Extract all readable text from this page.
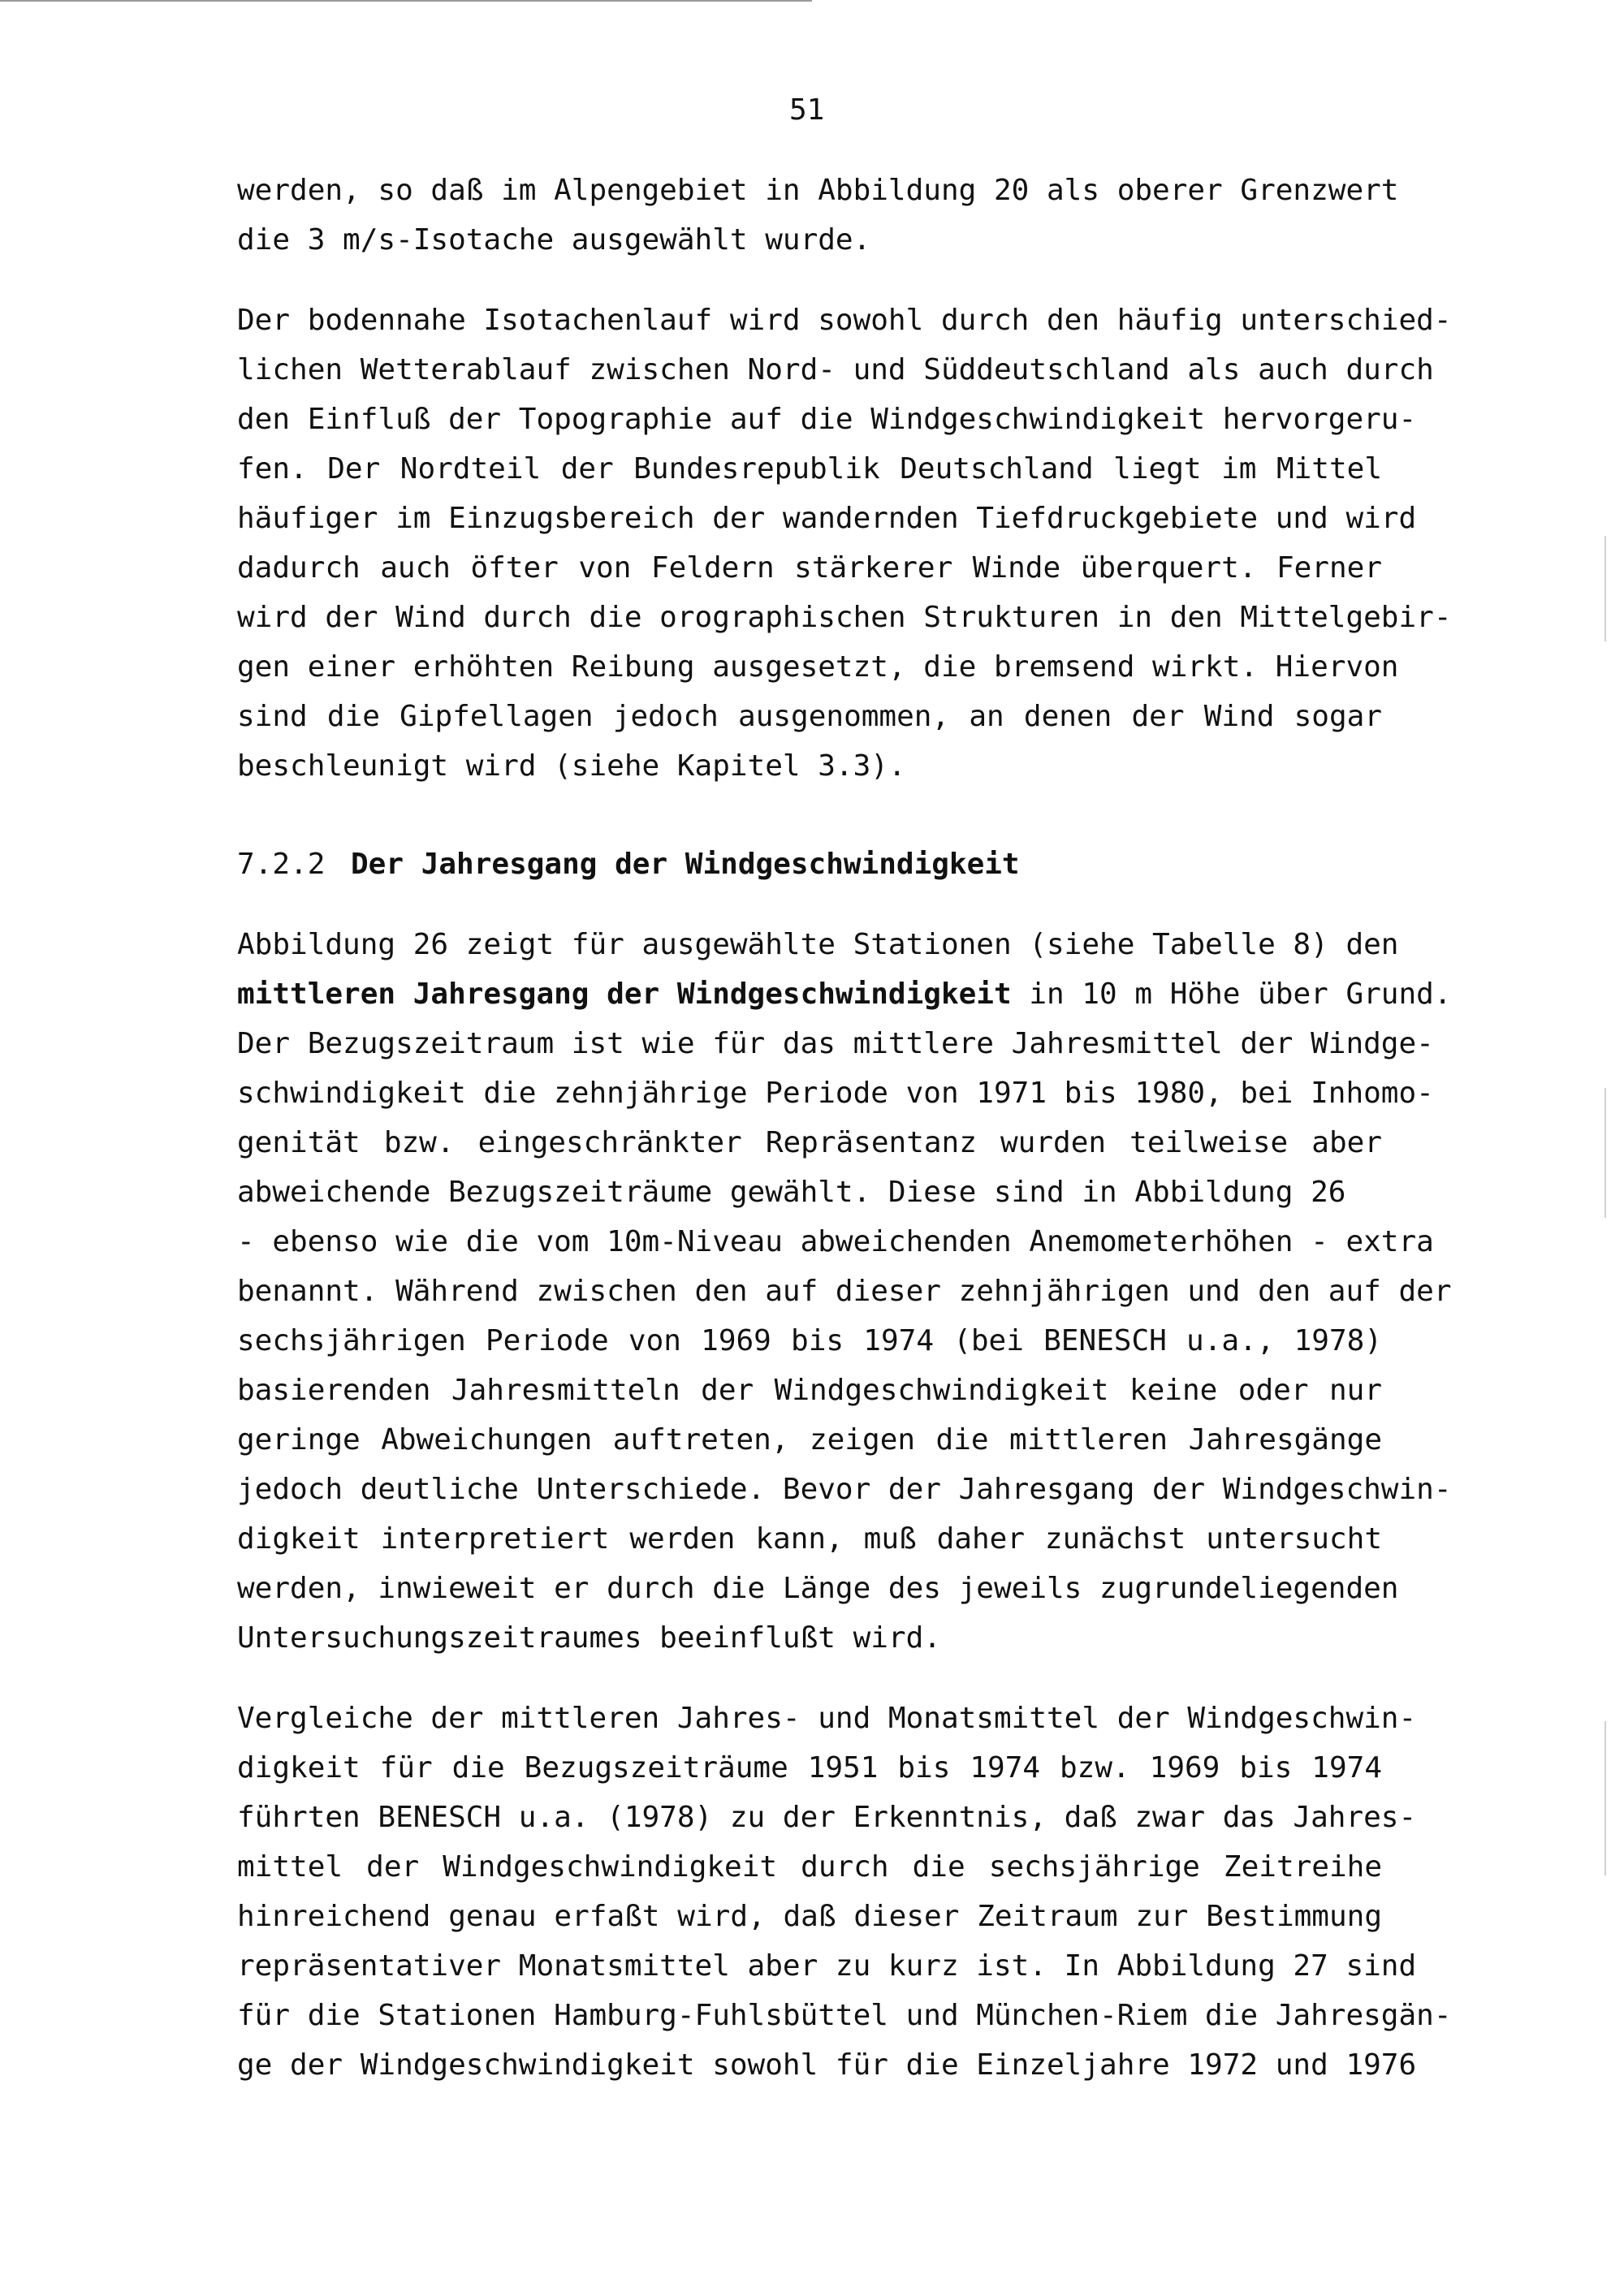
51
werden, so daß im Alpengebiet in Abbildung 20 als oberer Grenzwert
die 3 m/s-Isotache ausgewählt wurde.
Der bodennahe Isotachenlauf wird sowohl durch den häufig unterschied-
lichen Wetterablauf zwischen Nord- und Süddeutschland als auch durch
den Einfluß der Topographie auf die Windgeschwindigkeit hervorgeru-
fen. Der Nordteil der Bundesrepublik Deutschland liegt im Mittel
häufiger im Einzugsbereich der wandernden Tiefdruckgebiete und wird
dadurch auch öfter von Feldern stärkerer Winde überquert. Ferner
wird der Wind durch die orographischen Strukturen in den Mittelgebir-
gen einer erhöhten Reibung ausgesetzt, die bremsend wirkt. Hiervon
sind die Gipfellagen jedoch ausgenommen, an denen der Wind sogar
beschleunigt wird (siehe Kapitel 3.3).
7.2.2 Der Jahresgang der Windgeschwindigkeit
Abbildung 26 zeigt für ausgewählte Stationen (siehe Tabelle 8) den
mittleren Jahresgang der Windgeschwindigkeit in 10 m Höhe über Grund.
Der Bezugszeitraum ist wie für das mittlere Jahresmittel der Windge-
schwindigkeit die zehnjährige Periode von 1971 bis 1980, bei Inhomo-
genität bzw. eingeschränkter Repräsentanz wurden teilweise aber
abweichende Bezugszeiträume gewählt. Diese sind in Abbildung 26
- ebenso wie die vom 10m-Niveau abweichenden Anemometerhöhen - extra
benannt. Während zwischen den auf dieser zehnjährigen und den auf der
sechsjährigen Periode von 1969 bis 1974 (bei BENESCH u.a., 1978)
basierenden Jahresmitteln der Windgeschwindigkeit keine oder nur
geringe Abweichungen auftreten, zeigen die mittleren Jahresgänge
jedoch deutliche Unterschiede. Bevor der Jahresgang der Windgeschwin-
digkeit interpretiert werden kann, muß daher zunächst untersucht
werden, inwieweit er durch die Länge des jeweils zugrundeliegenden
Untersuchungszeitraumes beeinflußt wird.
Vergleiche der mittleren Jahres- und Monatsmittel der Windgeschwin-
digkeit für die Bezugszeiträume 1951 bis 1974 bzw. 1969 bis 1974
führten BENESCH u.a. (1978) zu der Erkenntnis, daß zwar das Jahres-
mittel der Windgeschwindigkeit durch die sechsjährige Zeitreihe
hinreichend genau erfaßt wird, daß dieser Zeitraum zur Bestimmung
repräsentativer Monatsmittel aber zu kurz ist. In Abbildung 27 sind
für die Stationen Hamburg-Fuhlsbüttel und München-Riem die Jahresgän-
ge der Windgeschwindigkeit sowohl für die Einzeljahre 1972 und 1976
